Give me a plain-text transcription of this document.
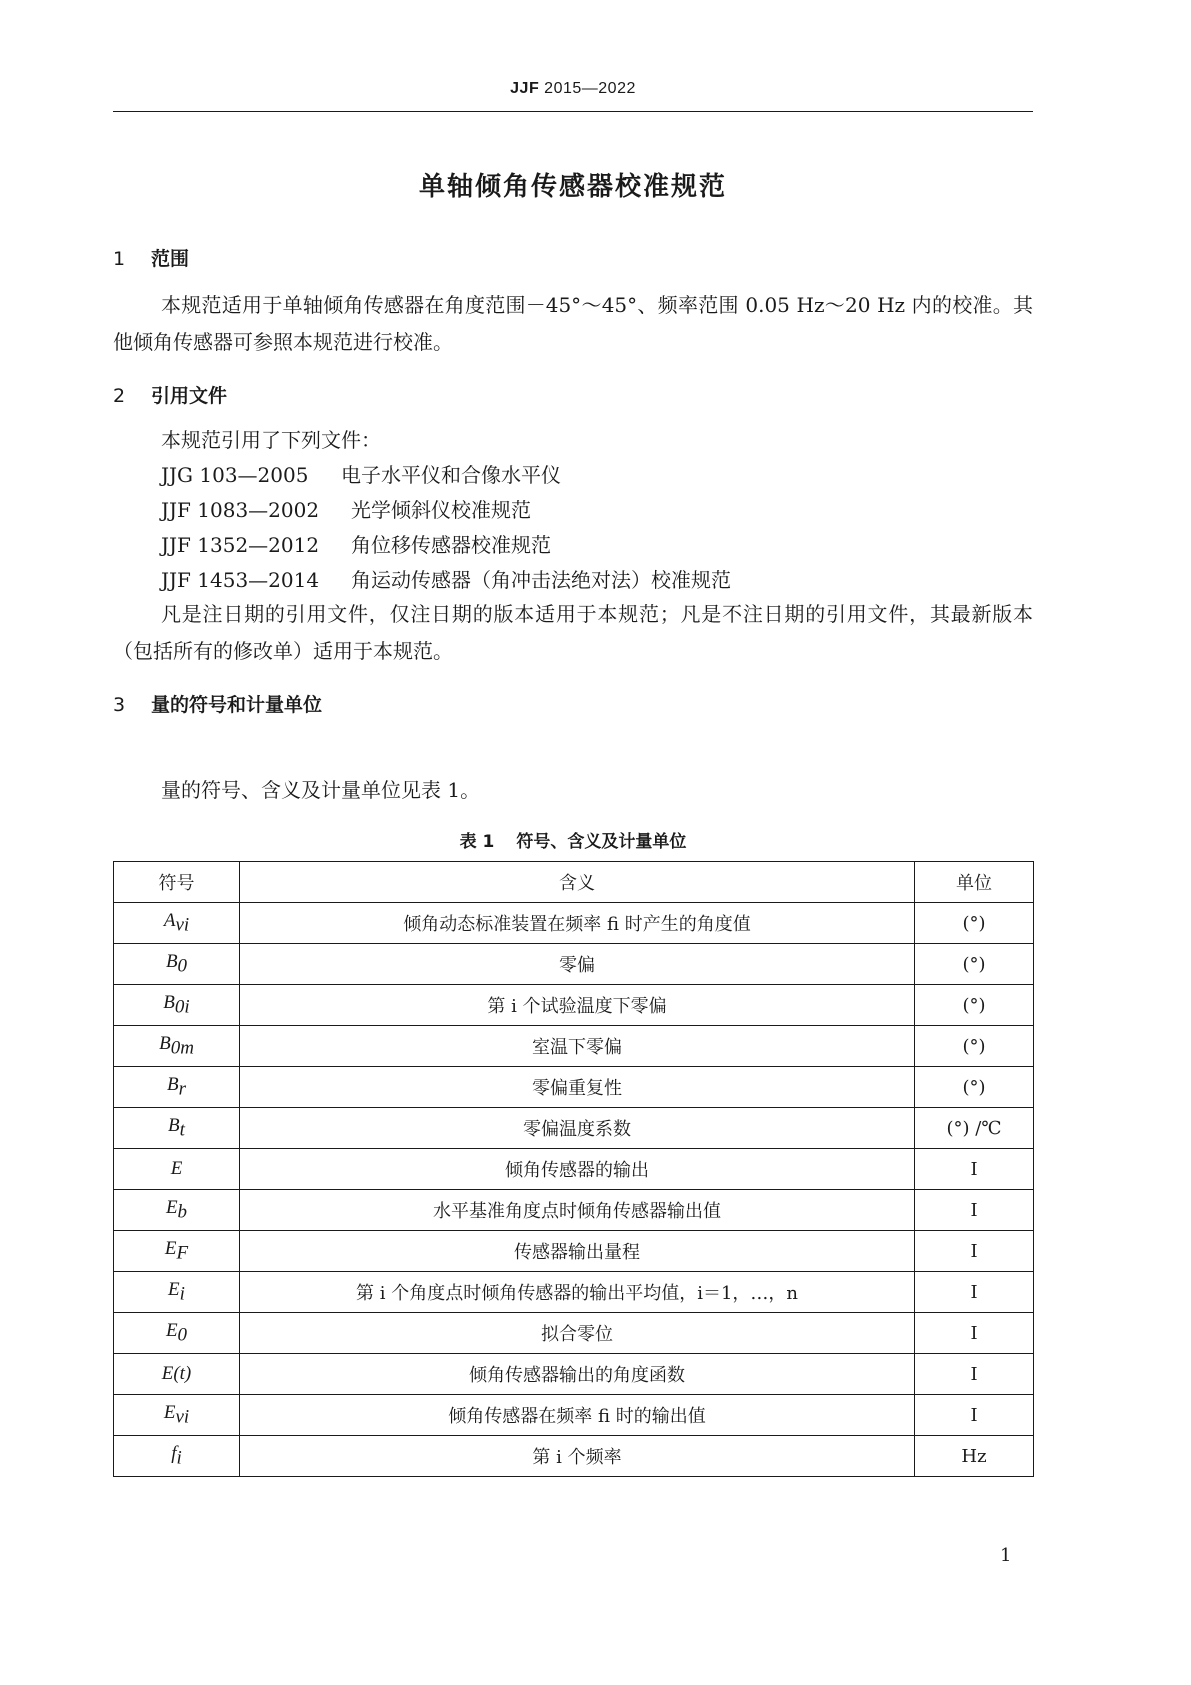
JJF 2015—2022
单轴倾角传感器校准规范
1 范围

本规范适用于单轴倾角传感器在角度范围－45°～45°、频率范围 0.05 Hz～20 Hz 内的校准。其他倾角传感器可参照本规范进行校准。

2 引用文件
本规范引用了下列文件：
JJG 103—2005 电子水平仪和合像水平仪
JJF 1083—2002 光学倾斜仪校准规范
JJF 1352—2012 角位移传感器校准规范
JJF 1453—2014 角运动传感器（角冲击法绝对法）校准规范

凡是注日期的引用文件，仅注日期的版本适用于本规范；凡是不注日期的引用文件，其最新版本（包括所有的修改单）适用于本规范。

3 量的符号和计量单位

量的符号、含义及计量单位见表 1。

表 1 符号、含义及计量单位
符号	含义	单位
$A_{vi}$	倾角动态标准装置在频率 fi 时产生的角度值	(°)
$B_0$	零偏	(°)
$B_{0i}$	第 i 个试验温度下零偏	(°)
$B_{0m}$	室温下零偏	(°)
$B_r$	零偏重复性	(°)
$B_t$	零偏温度系数	(°) /℃
E	倾角传感器的输出	I
$E_b$	水平基准角度点时倾角传感器输出值	I
$E_F$	传感器输出量程	I
$E_i$	第 i 个角度点时倾角传感器的输出平均值，i＝1，…，n	I
$E_0$	拟合零位	I
E(t)	倾角传感器输出的角度函数	I
$E_{vi}$	倾角传感器在频率 fi 时的输出值	I
$f_i$	第 i 个频率	Hz
1
